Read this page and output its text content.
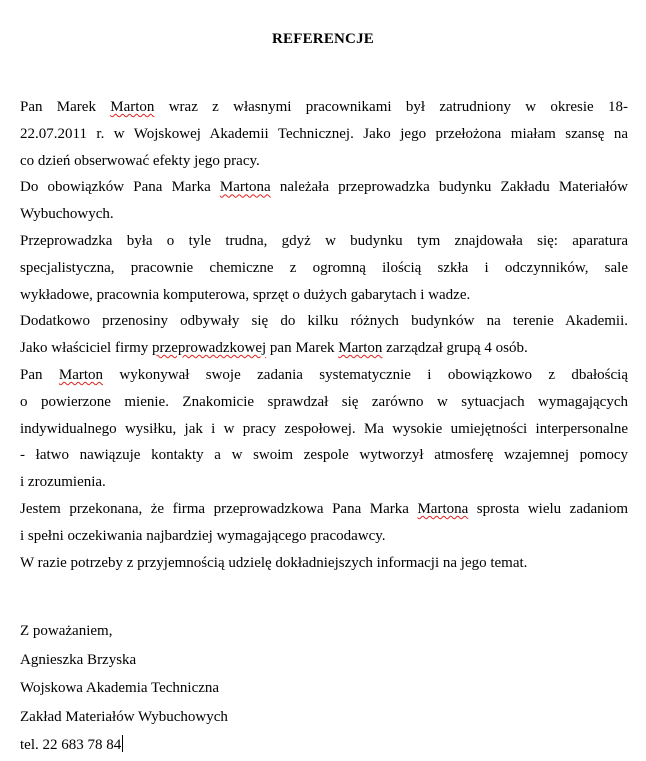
REFERENCJE
Pan Marek Marton wraz z własnymi pracownikami był zatrudniony w okresie 18-
22.07.2011 r. w Wojskowej Akademii Technicznej. Jako jego przełożona miałam szansę na
co dzień obserwować efekty jego pracy.
Do obowiązków Pana Marka Martona należała przeprowadzka budynku Zakładu Materiałów
Wybuchowych.
Przeprowadzka była o tyle trudna, gdyż w budynku tym znajdowała się: aparatura
specjalistyczna, pracownie chemiczne z ogromną ilością szkła i odczynników, sale
wykładowe, pracownia komputerowa, sprzęt o dużych gabarytach i wadze.
Dodatkowo przenosiny odbywały się do kilku różnych budynków na terenie Akademii.
Jako właściciel firmy przeprowadzkowej pan Marek Marton zarządzał grupą 4 osób.
Pan Marton wykonywał swoje zadania systematycznie i obowiązkowo z dbałością
o powierzone mienie. Znakomicie sprawdzał się zarówno w sytuacjach wymagających
indywidualnego wysiłku, jak i w pracy zespołowej. Ma wysokie umiejętności interpersonalne
- łatwo nawiązuje kontakty a w swoim zespole wytworzył atmosferę wzajemnej pomocy
i zrozumienia.
Jestem przekonana, że firma przeprowadzkowa Pana Marka Martona sprosta wielu zadaniom
i spełni oczekiwania najbardziej wymagającego pracodawcy.
W razie potrzeby z przyjemnością udzielę dokładniejszych informacji na jego temat.
Z poważaniem,
Agnieszka Brzyska
Wojskowa Akademia Techniczna
Zakład Materiałów Wybuchowych
tel. 22 683 78 84
